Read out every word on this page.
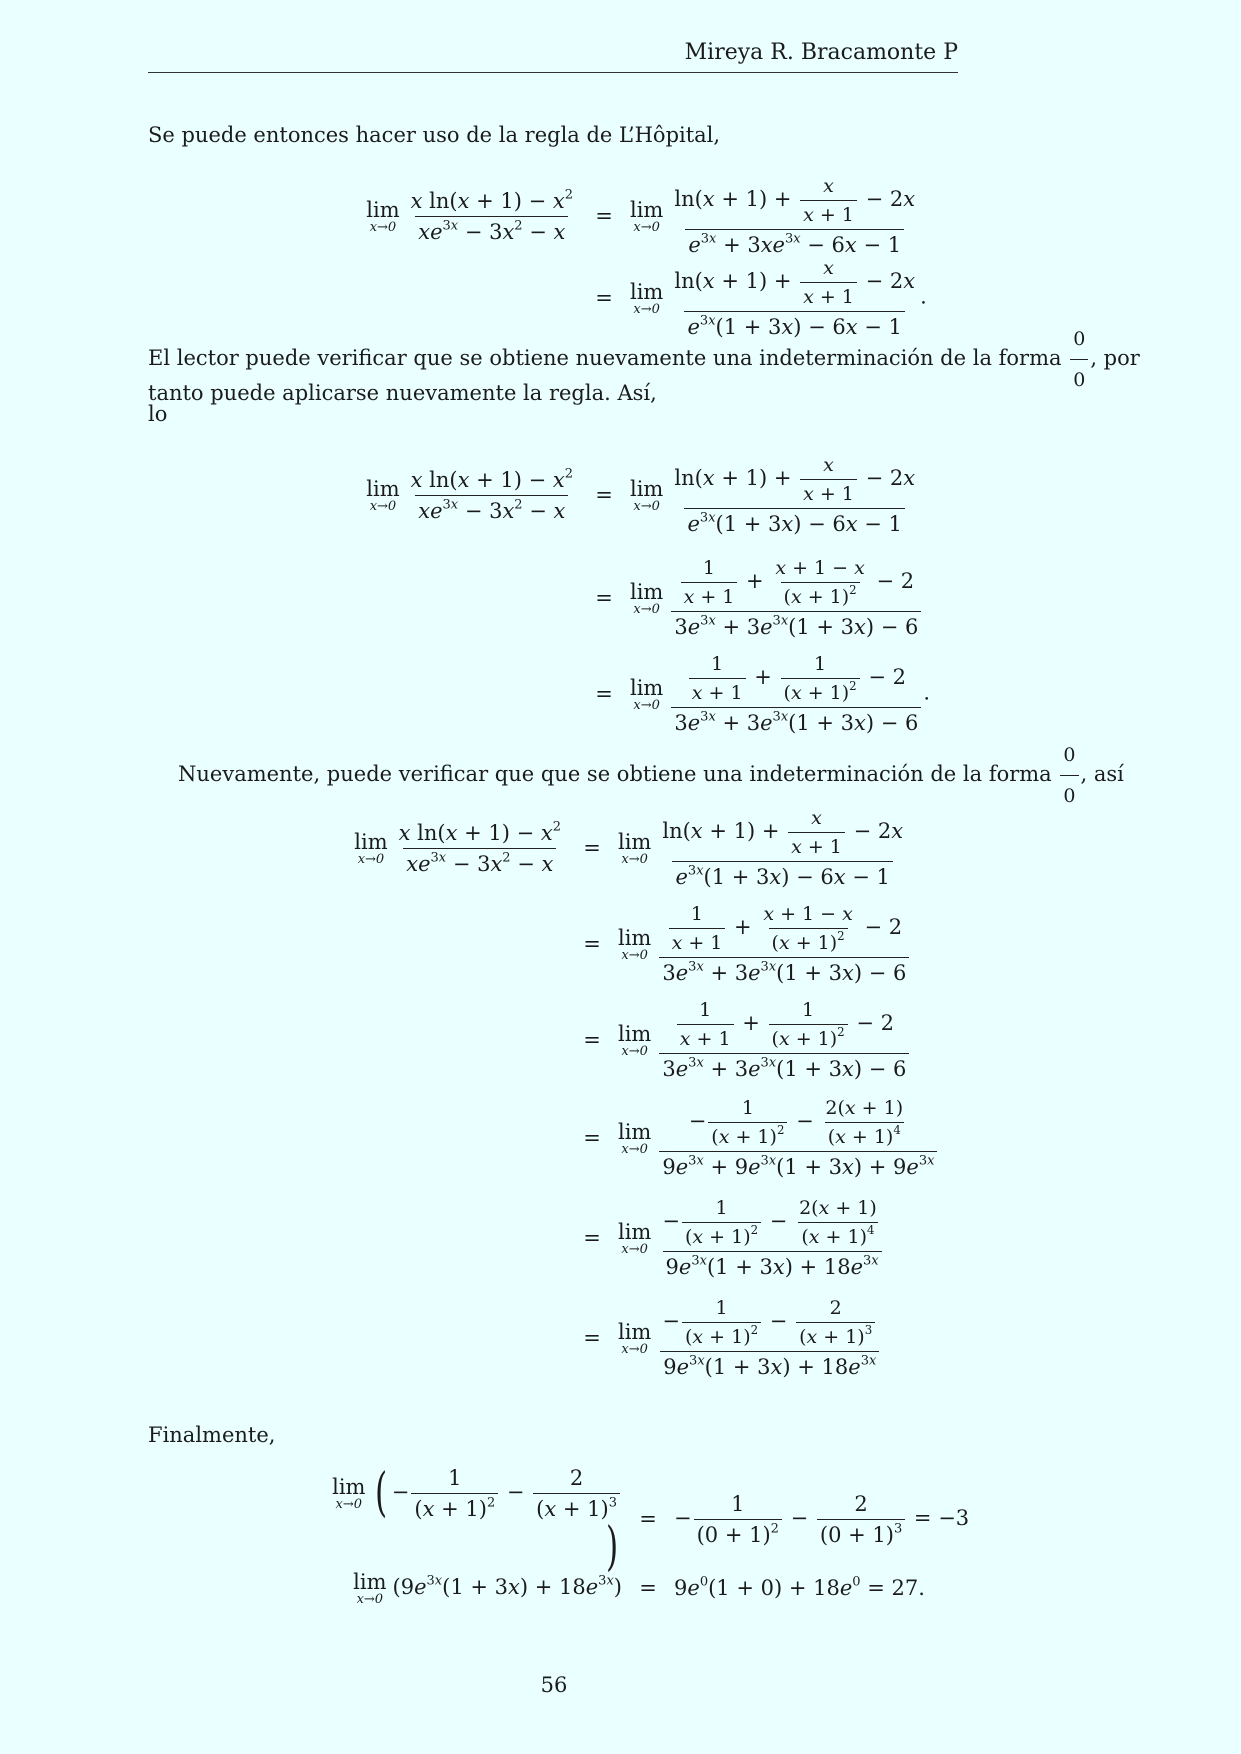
Mireya R. Bracamonte P
Se puede entonces hacer uso de la regla de L’Hôpital,
lim
$x\to 0 \frac{x \ln(x + 1) - x^2}{xe^{3x} - 3x^2 - x} = \lim$
$x\to 0 \frac{\ln(x + 1) + \frac{x}{x + 1} - 2x}{e^{3x} + 3xe^{3x} - 6x - 1}$
= lim
$x\to 0 \frac{\ln(x + 1) + \frac{x}{x + 1} - 2x}{e^{3x}(1 + 3x) - 6x - 1}$ .
El lector puede verificar que se obtiene nuevamente una indeterminación de la forma $\frac{0}{0}$ , por lo
tanto puede aplicarse nuevamente la regla. Así,
lim
$x\to 0 \frac{x \ln(x + 1) - x^2}{xe^{3x} - 3x^2 - x} = \lim$
$x\to 0 \frac{\ln(x + 1) + \frac{x}{x + 1} - 2x}{e^{3x}(1 + 3x) - 6x - 1}$
= lim
$x\to 0 \frac{\frac{1}{x + 1} + \frac{x + 1 - x}{(x + 1)^2} - 2}{3e^{3x} + 3e^{3x}(1 + 3x) - 6}$
= lim
$x\to 0 \frac{\frac{1}{x + 1} + \frac{1}{(x + 1)^2} - 2}{3e^{3x} + 3e^{3x}(1 + 3x) - 6}$ .
Nuevamente, puede verificar que que se obtiene una indeterminación de la forma $\frac{0}{0}$ , así
lim
$x\to 0 \frac{x \ln(x + 1) - x^2}{xe^{3x} - 3x^2 - x} = \lim$
$x\to 0 \frac{\ln(x + 1) + \frac{x}{x + 1} - 2x}{e^{3x}(1 + 3x) - 6x - 1}$
= lim
$x\to 0 \frac{\frac{1}{x + 1} + \frac{x + 1 - x}{(x + 1)^2} - 2}{3e^{3x} + 3e^{3x}(1 + 3x) - 6}$
= lim
$x\to 0 \frac{\frac{1}{x + 1} + \frac{1}{(x + 1)^2} - 2}{3e^{3x} + 3e^{3x}(1 + 3x) - 6}$
= lim
$x\to 0 \frac{- \frac{1}{(x + 1)^2} - \frac{2(x + 1)}{(x + 1)^4}}{9e^{3x} + 9e^{3x}(1 + 3x) + 9e^{3x}}$
= lim
$x\to 0 \frac{- \frac{1}{(x + 1)^2} - \frac{2(x + 1)}{(x + 1)^4}}{9e^{3x}(1 + 3x) + 18e^{3x}}$
= lim
$x\to 0 \frac{- \frac{1}{(x + 1)^2} - \frac{2}{(x + 1)^3}}{9e^{3x}(1 + 3x) + 18e^{3x}}$
Finalmente,
lim
x→0 ( − $\frac{1}{(x + 1)^2} - \frac{2}{(x + 1)^3}$
)	= − $\frac{1}{(0 + 1)^2} - \frac{2}{(0 + 1)^3} = -3$
lim
x→0
$(9e^{3x}(1 + 3x) + 18e^{3x}) = 9e^0(1 + 0) + 18e^0 = 27$.
56
